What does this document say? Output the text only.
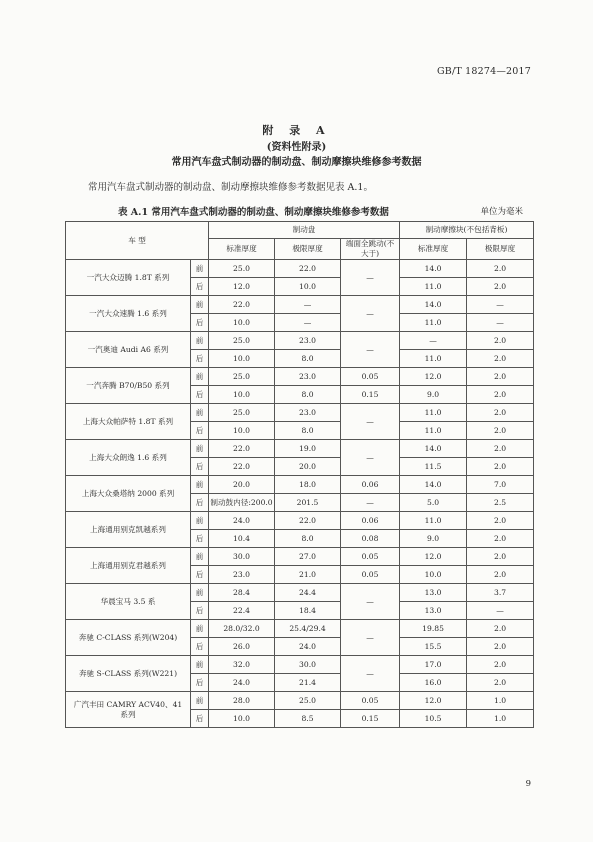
GB/T 18274—2017
附 录 A
(资料性附录)
常用汽车盘式制动器的制动盘、制动摩擦块维修参考数据
常用汽车盘式制动器的制动盘、制动摩擦块维修参考数据见表 A.1。
表 A.1 常用汽车盘式制动器的制动盘、制动摩擦块维修参考数据	单位为毫米
车 型		制动盘			制动摩擦块(不包括背板)	
		标准厚度	极限厚度	端面全跳动(不大于)	标准厚度	极限厚度
一汽大众迈腾 1.8T 系列	前	25.0	22.0	—	14.0	2.0
	后	12.0	10.0		11.0	2.0
一汽大众速腾 1.6 系列	前	22.0	—	—	14.0	—
	后	10.0	—		11.0	—
一汽奥迪 Audi A6 系列	前	25.0	23.0	—	—	2.0
	后	10.0	8.0		11.0	2.0
一汽奔腾 B70/B50 系列	前	25.0	23.0	0.05	12.0	2.0
	后	10.0	8.0	0.15	9.0	2.0
上海大众帕萨特 1.8T 系列	前	25.0	23.0	—	11.0	2.0
	后	10.0	8.0		11.0	2.0
上海大众朗逸 1.6 系列	前	22.0	19.0	—	14.0	2.0
	后	22.0	20.0		11.5	2.0
上海大众桑塔纳 2000 系列	前	20.0	18.0	0.06	14.0	7.0
	后	制动鼓内径:200.0	201.5	—	5.0	2.5
上海通用别克凯越系列	前	24.0	22.0	0.06	11.0	2.0
	后	10.4	8.0	0.08	9.0	2.0
上海通用别克君越系列	前	30.0	27.0	0.05	12.0	2.0
	后	23.0	21.0	0.05	10.0	2.0
华晨宝马 3.5 系	前	28.4	24.4	—	13.0	3.7
	后	22.4	18.4		13.0	—
奔驰 C-CLASS 系列(W204)	前	28.0/32.0	25.4/29.4	—	19.85	2.0
	后	26.0	24.0		15.5	2.0
奔驰 S-CLASS 系列(W221)	前	32.0	30.0	—	17.0	2.0
	后	24.0	21.4		16.0	2.0
广汽丰田 CAMRY ACV40、41 系列	前	28.0	25.0	0.05	12.0	1.0
	后	10.0	8.5	0.15	10.5	1.0
9
